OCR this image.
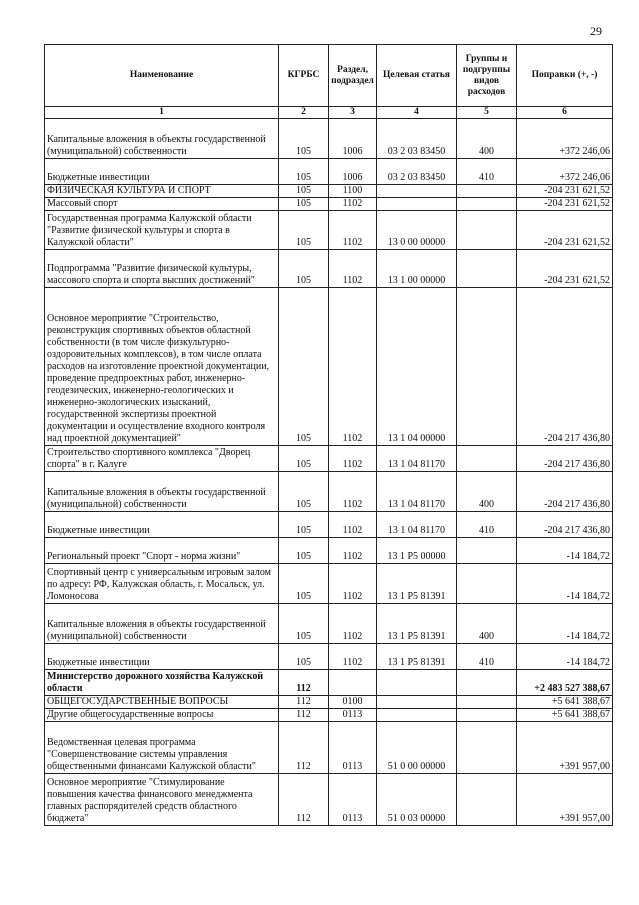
29
Наименование	КГРБС	Раздел, подраздел	Целевая статья	Группы и подгруппы видов расходов	Поправки (+, -)
1	2	3	4	5	6
Капитальные вложения в объекты государственной (муниципальной) собственности	105	1006	03 2 03 83450	400	+372 246,06
Бюджетные инвестиции	105	1006	03 2 03 83450	410	+372 246,06
ФИЗИЧЕСКАЯ КУЛЬТУРА И СПОРТ	105	1100			-204 231 621,52
Массовый спорт	105	1102			-204 231 621,52
Государственная программа Калужской области "Развитие физической культуры и спорта в Калужской области"	105	1102	13 0 00 00000		-204 231 621,52
Подпрограмма "Развитие физической культуры, массового спорта и спорта высших достижений"	105	1102	13 1 00 00000		-204 231 621,52
Основное мероприятие "Строительство, реконструкция спортивных объектов областной собственности (в том числе физкультурно-оздоровительных комплексов), в том числе оплата расходов на изготовление проектной документации, проведение предпроектных работ, инженерно-геодезических, инженерно-геологических и инженерно-экологических изысканий, государственной экспертизы проектной документации и осуществление входного контроля над проектной документацией"	105	1102	13 1 04 00000		-204 217 436,80
Строительство спортивного комплекса "Дворец спорта" в г. Калуге	105	1102	13 1 04 81170		-204 217 436,80
Капитальные вложения в объекты государственной (муниципальной) собственности	105	1102	13 1 04 81170	400	-204 217 436,80
Бюджетные инвестиции	105	1102	13 1 04 81170	410	-204 217 436,80
Региональный проект "Спорт - норма жизни"	105	1102	13 1 P5 00000		-14 184,72
Спортивный центр с универсальным игровым залом по адресу: РФ, Калужская область, г. Мосальск, ул. Ломоносова	105	1102	13 1 P5 81391		-14 184,72
Капитальные вложения в объекты государственной (муниципальной) собственности	105	1102	13 1 P5 81391	400	-14 184,72
Бюджетные инвестиции	105	1102	13 1 P5 81391	410	-14 184,72
Министерство дорожного хозяйства Калужской области	112				+2 483 527 388,67
ОБЩЕГОСУДАРСТВЕННЫЕ ВОПРОСЫ	112	0100			+5 641 388,67
Другие общегосударственные вопросы	112	0113			+5 641 388,67
Ведомственная целевая программа "Совершенствование системы управления общественными финансами Калужской области"	112	0113	51 0 00 00000		+391 957,00
Основное мероприятие "Стимулирование повышения качества финансового менеджмента главных распорядителей средств областного бюджета"	112	0113	51 0 03 00000		+391 957,00
